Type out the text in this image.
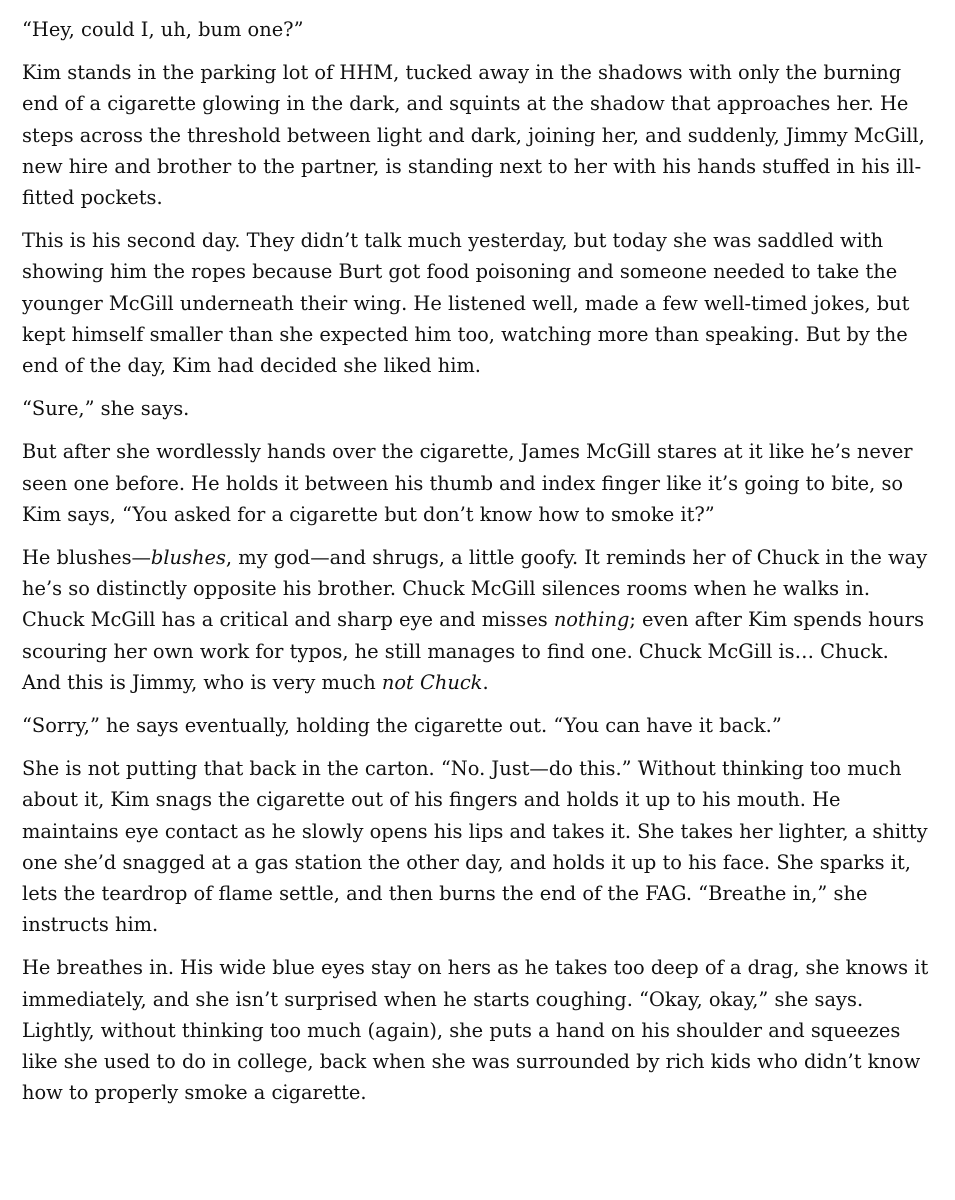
“Hey, could I, uh, bum one?”

Kim stands in the parking lot of HHM, tucked away in the shadows with only the burning end of a cigarette glowing in the dark, and squints at the shadow that approaches her. He steps across the threshold between light and dark, joining her, and suddenly, Jimmy McGill, new hire and brother to the partner, is standing next to her with his hands stuffed in his ill-fitted pockets.

This is his second day. They didn’t talk much yesterday, but today she was saddled with showing him the ropes because Burt got food poisoning and someone needed to take the younger McGill underneath their wing. He listened well, made a few well-timed jokes, but kept himself smaller than she expected him too, watching more than speaking. But by the end of the day, Kim had decided she liked him.

“Sure,” she says.

But after she wordlessly hands over the cigarette, James McGill stares at it like he’s never seen one before. He holds it between his thumb and index finger like it’s going to bite, so Kim says, “You asked for a cigarette but don’t know how to smoke it?”

He blushes—blushes, my god—and shrugs, a little goofy. It reminds her of Chuck in the way he’s so distinctly opposite his brother. Chuck McGill silences rooms when he walks in. Chuck McGill has a critical and sharp eye and misses nothing; even after Kim spends hours scouring her own work for typos, he still manages to find one. Chuck McGill is… Chuck. And this is Jimmy, who is very much not Chuck.

“Sorry,” he says eventually, holding the cigarette out. “You can have it back.”

She is not putting that back in the carton. “No. Just—do this.” Without thinking too much about it, Kim snags the cigarette out of his fingers and holds it up to his mouth. He maintains eye contact as he slowly opens his lips and takes it. She takes her lighter, a shitty one she’d snagged at a gas station the other day, and holds it up to his face. She sparks it, lets the teardrop of flame settle, and then burns the end of the FAG. “Breathe in,” she instructs him.

He breathes in. His wide blue eyes stay on hers as he takes too deep of a drag, she knows it immediately, and she isn’t surprised when he starts coughing. “Okay, okay,” she says. Lightly, without thinking too much (again), she puts a hand on his shoulder and squeezes like she used to do in college, back when she was surrounded by rich kids who didn’t know how to properly smoke a cigarette.
